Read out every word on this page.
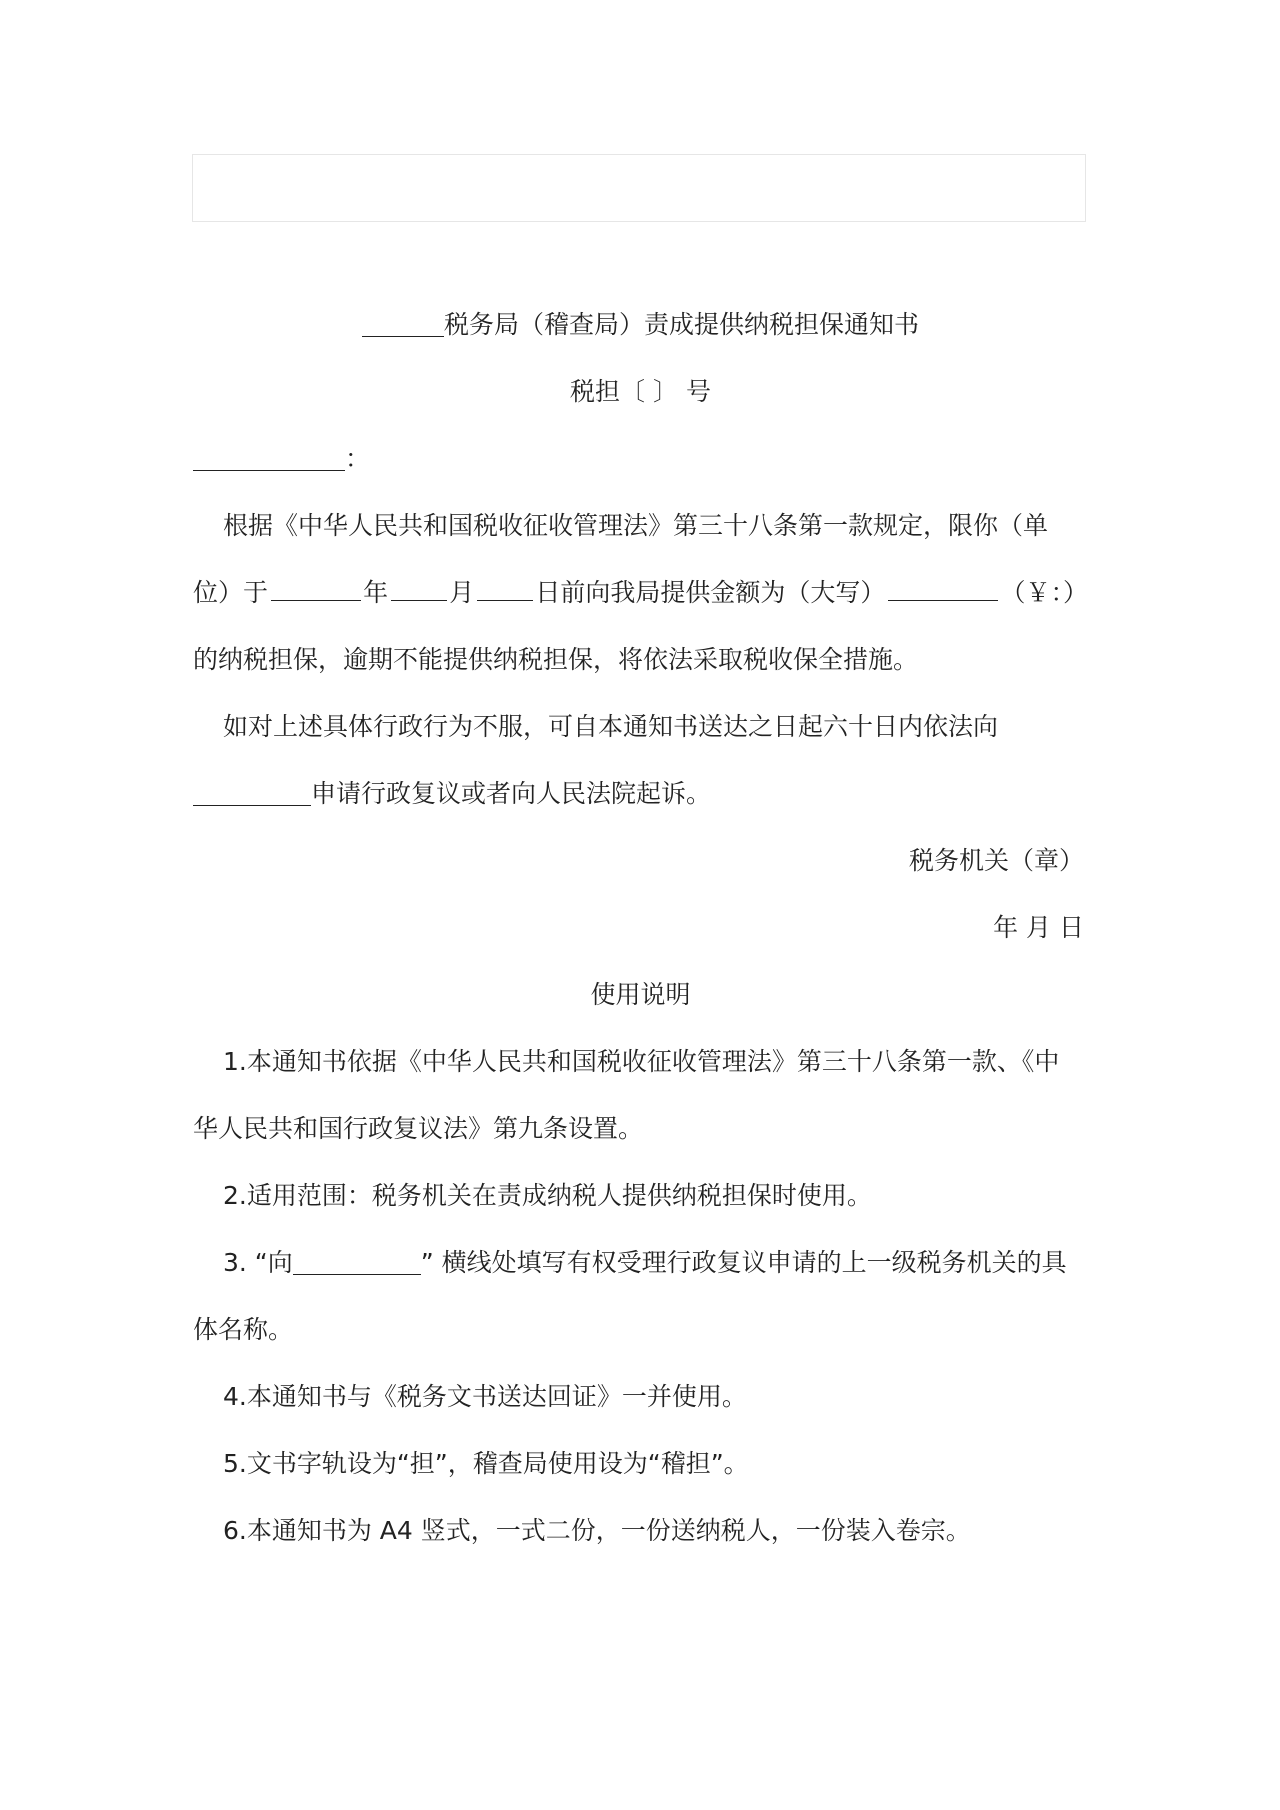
税务局（稽查局）责成提供纳税担保通知书
税担〔 〕 号
：
根据《中华人民共和国税收征收管理法》第三十八条第一款规定，限你（单
位）于	年 月 日前向我局提供金额为（大写）	（￥：）
的纳税担保，逾期不能提供纳税担保，将依法采取税收保全措施。
如对上述具体行政行为不服，可自本通知书送达之日起六十日内依法向
申请行政复议或者向人民法院起诉。
税务机关（章）
年 月 日
使用说明
1.本通知书依据《中华人民共和国税收征收管理法》第三十八条第一款、《中
华人民共和国行政复议法》第九条设置。
2.适用范围：税务机关在责成纳税人提供纳税担保时使用。
3. “向	” 横线处填写有权受理行政复议申请的上一级税务机关的具
体名称。
4.本通知书与《税务文书送达回证》一并使用。
5.文书字轨设为“担”，稽查局使用设为“稽担”。
6.本通知书为 A4 竖式，一式二份，一份送纳税人，一份装入卷宗。
